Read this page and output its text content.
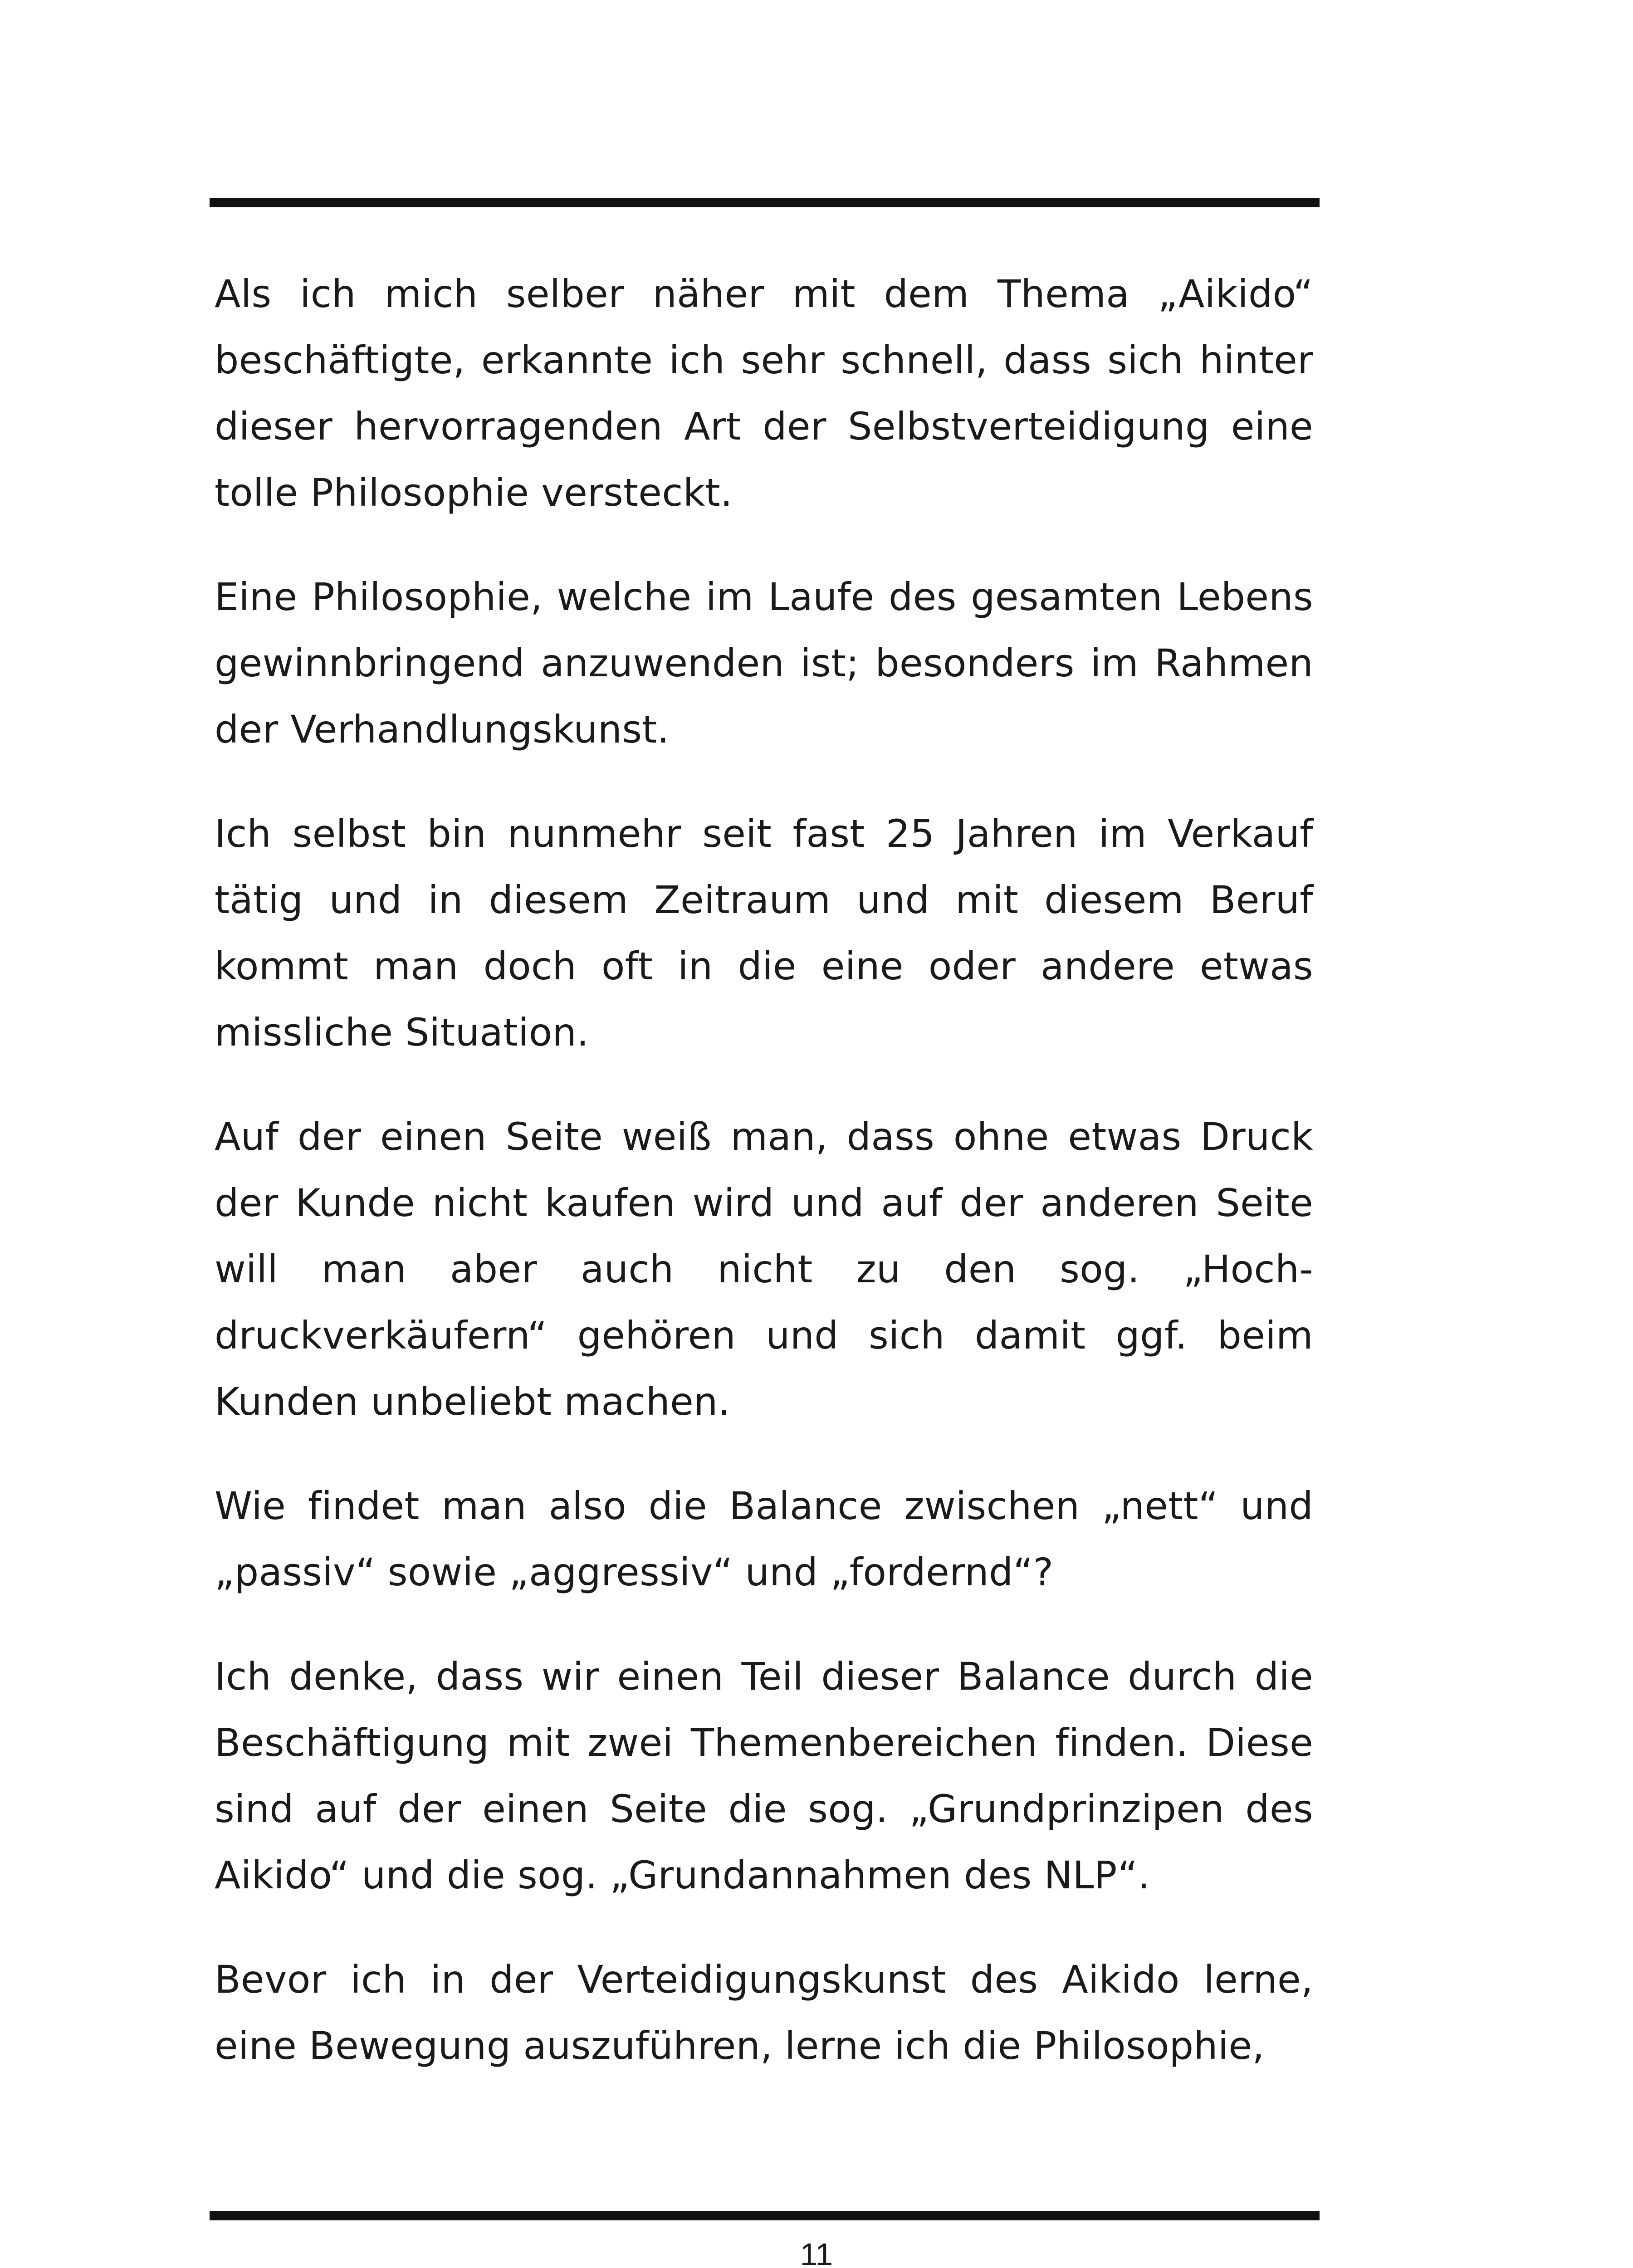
Als ich mich selber näher mit dem Thema „Aikido“ beschäftigte, erkannte ich sehr schnell, dass sich hinter dieser hervorragenden Art der Selbstverteidigung eine tolle Philosophie versteckt.

Eine Philosophie, welche im Laufe des gesamten Lebens gewinnbringend anzuwenden ist; besonders im Rahmen der Verhandlungskunst.

Ich selbst bin nunmehr seit fast 25 Jahren im Verkauf tätig und in diesem Zeitraum und mit diesem Beruf kommt man doch oft in die eine oder andere etwas missliche Situation.

Auf der einen Seite weiß man, dass ohne etwas Druck der Kunde nicht kaufen wird und auf der anderen Seite will man aber auch nicht zu den sog. „Hoch-druckverkäufern“ gehören und sich damit ggf. beim Kunden unbeliebt machen.

Wie findet man also die Balance zwischen „nett“ und „passiv“ sowie „aggressiv“ und „fordernd“?

Ich denke, dass wir einen Teil dieser Balance durch die Beschäftigung mit zwei Themenbereichen finden. Diese sind auf der einen Seite die sog. „Grundprinzipen des Aikido“ und die sog. „Grundannahmen des NLP“.

Bevor ich in der Verteidigungskunst des Aikido lerne, eine Bewegung auszuführen, lerne ich die Philosophie,

11
